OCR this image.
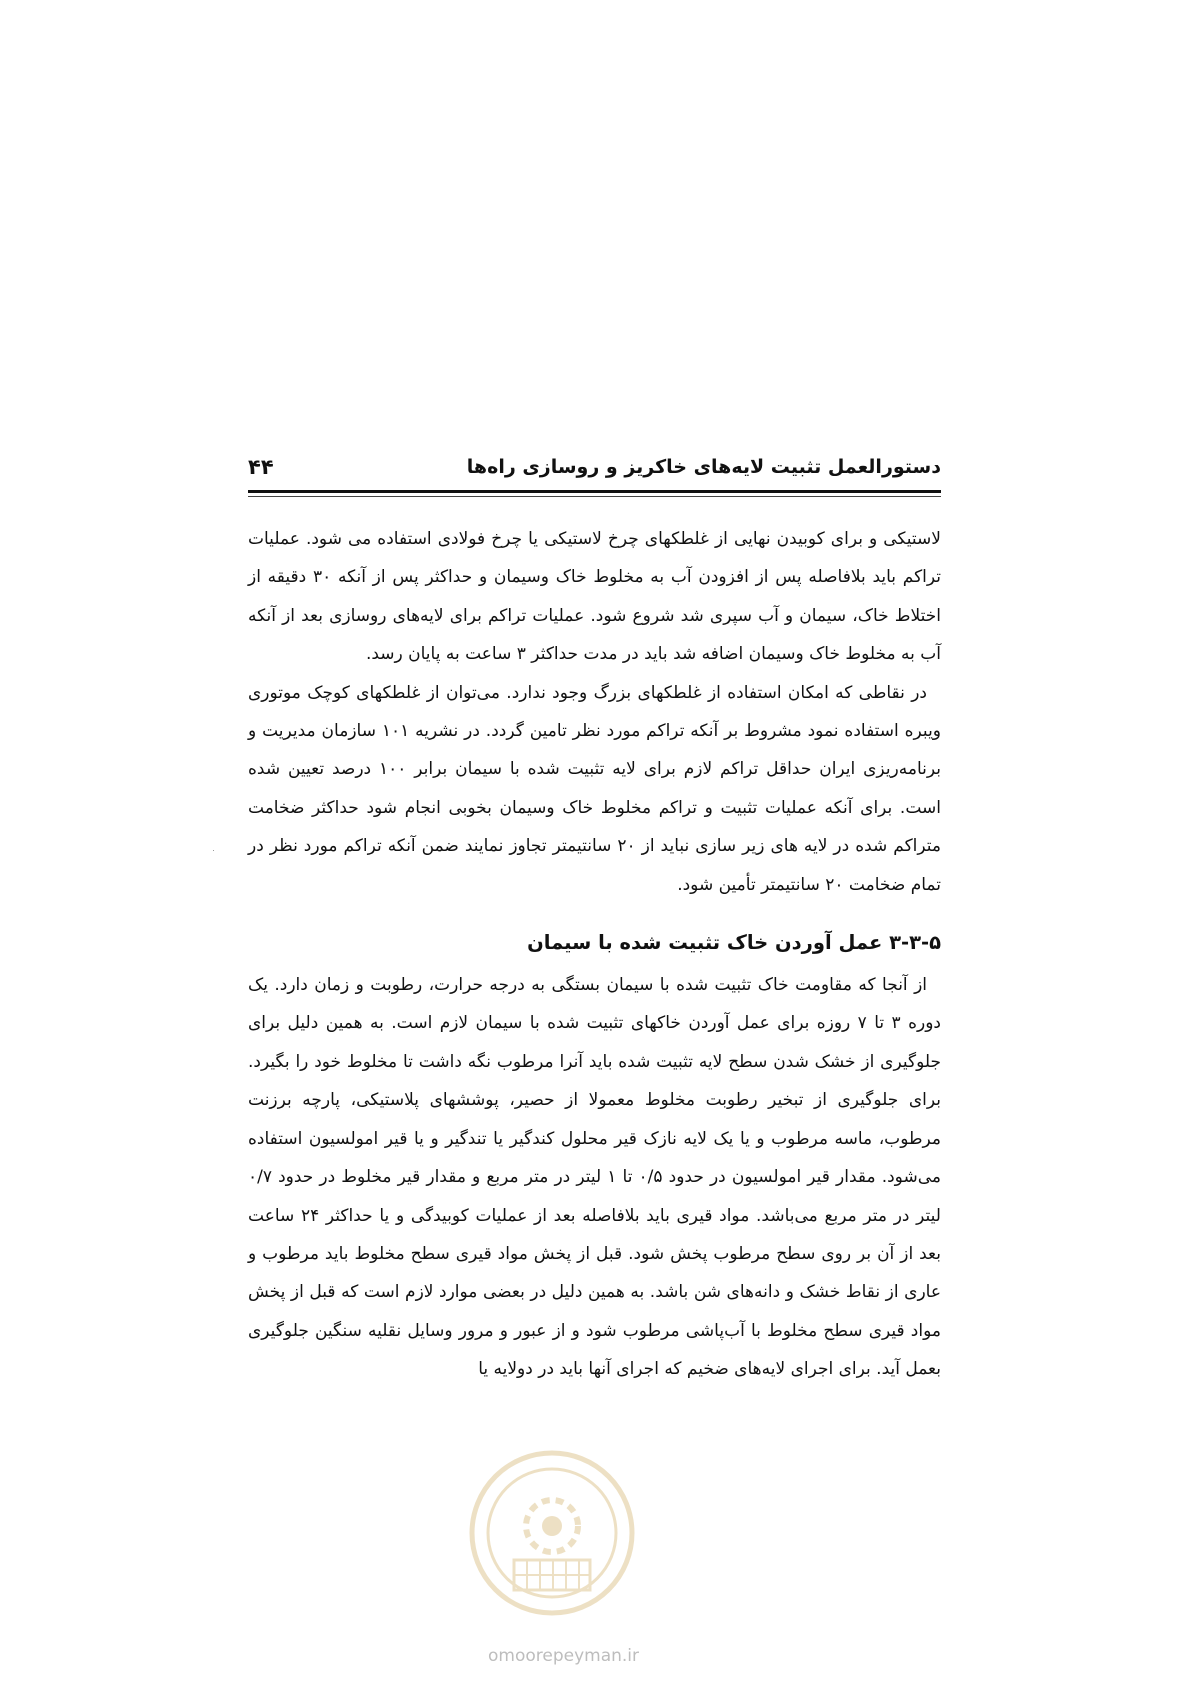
دستورالعمل تثبیت لایه‌های خاکریز و روسازی راه‌ها
۴۴

لاستیکی و برای کوبیدن نهایی از غلطکهای چرخ لاستیکی یا چرخ فولادی استفاده می شود. عملیات تراکم باید بلافاصله پس از افزودن آب به مخلوط خاک وسیمان و حداکثر پس از آنکه ۳۰ دقیقه از اختلاط خاک، سیمان و آب سپری شد شروع شود. عملیات تراکم برای لایه‌های روسازی بعد از آنکه آب به مخلوط خاک وسیمان اضافه شد باید در مدت حداکثر ۳ ساعت به پایان رسد.

در نقاطی که امکان استفاده از غلطکهای بزرگ وجود ندارد. می‌توان از غلطکهای کوچک موتوری ویبره استفاده نمود مشروط بر آنکه تراکم مورد نظر تامین گردد. در نشریه ۱۰۱ سازمان مدیریت و برنامه‌ریزی ایران حداقل تراکم لازم برای لایه تثبیت شده با سیمان برابر ۱۰۰ درصد تعیین شده است. برای آنکه عملیات تثبیت و تراکم مخلوط خاک وسیمان بخوبی انجام شود حداکثر ضخامت متراکم شده در لایه های زیر سازی نباید از ۲۰ سانتیمتر تجاوز نمایند ضمن آنکه تراکم مورد نظر در تمام ضخامت ۲۰ سانتیمتر تأمین شود.

۳-۳-۵ عمل آوردن خاک تثبیت شده با سیمان

از آنجا که مقاومت خاک تثبیت شده با سیمان بستگی به درجه حرارت، رطوبت و زمان دارد. یک دوره ۳ تا ۷ روزه برای عمل آوردن خاکهای تثبیت شده با سیمان لازم است. به همین دلیل برای جلوگیری از خشک شدن سطح لایه تثبیت شده باید آنرا مرطوب نگه داشت تا مخلوط خود را بگیرد. برای جلوگیری از تبخیر رطوبت مخلوط معمولا از حصیر، پوششهای پلاستیکی، پارچه برزنت مرطوب، ماسه مرطوب و یا یک لایه نازک قیر محلول کندگیر یا تندگیر و یا قیر امولسیون استفاده می‌شود. مقدار قیر امولسیون در حدود ۰/۵ تا ۱ لیتر در متر مربع و مقدار قیر مخلوط در حدود ۰/۷ لیتر در متر مربع می‌باشد. مواد قیری باید بلافاصله بعد از عملیات کوبیدگی و یا حداکثر ۲۴ ساعت بعد از آن بر روی سطح مرطوب پخش شود. قبل از پخش مواد قیری سطح مخلوط باید مرطوب و عاری از نقاط خشک و دانه‌های شن باشد. به همین دلیل در بعضی موارد لازم است که قبل از پخش مواد قیری سطح مخلوط با آب‌پاشی مرطوب شود و از عبور و مرور وسایل نقلیه سنگین جلوگیری بعمل آید. برای اجرای لایه‌های ضخیم که اجرای آنها باید در دولایه یا

omoorepeyman.ir
